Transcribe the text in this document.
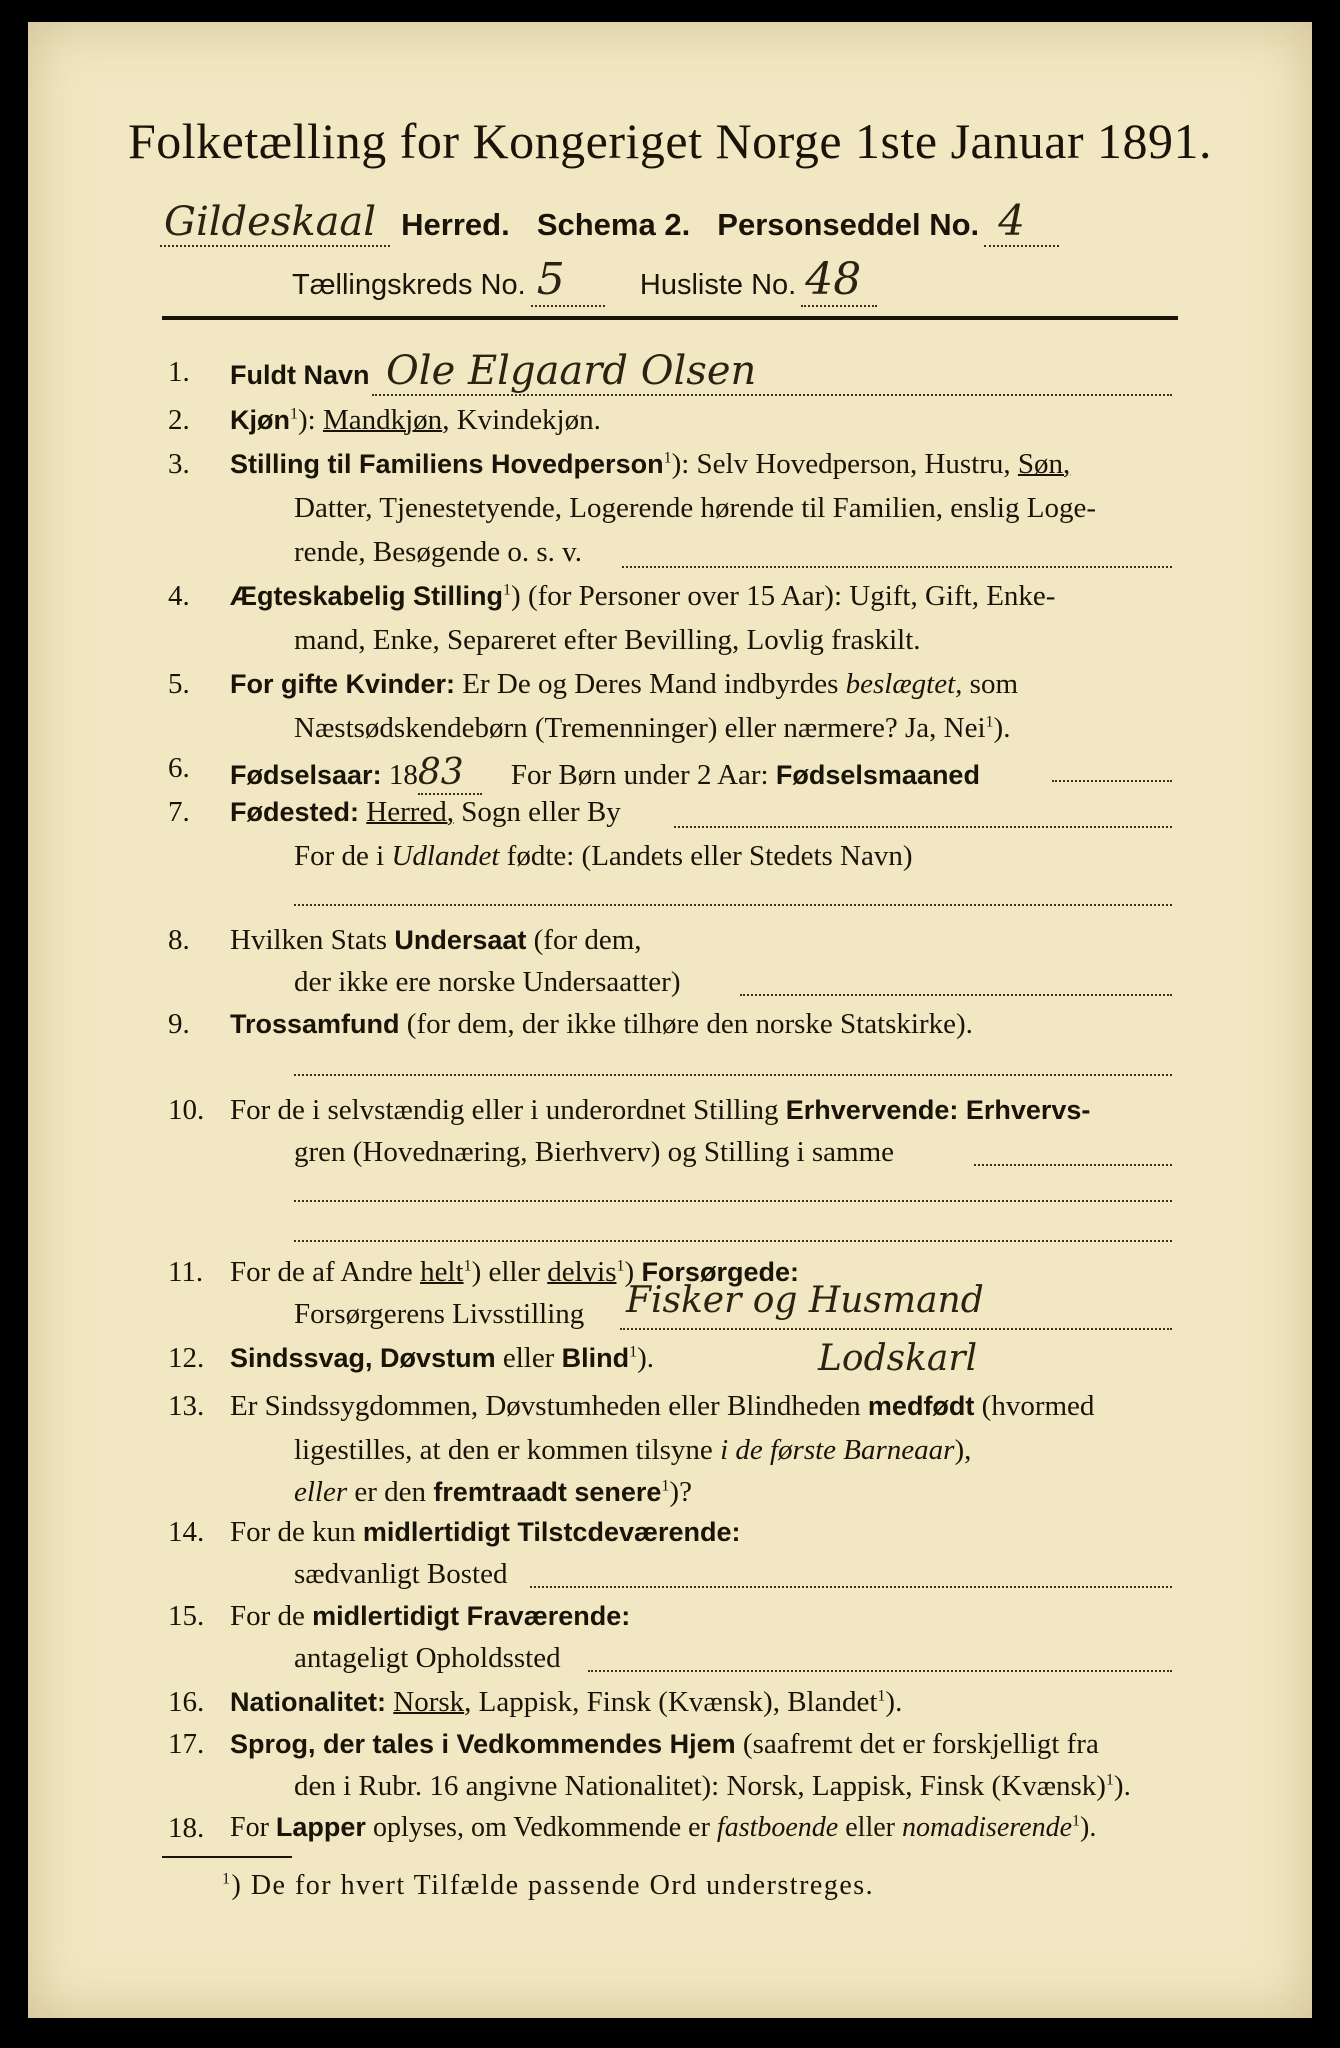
Folketælling for Kongeriget Norge 1ste Januar 1891.
Gildeskaal Herred. Schema 2. Personseddel No. 4
Tællingskreds No. 5	Husliste No. 48
1.	Fuldt Navn Ole Elgaard Olsen
2.	Kjøn$^1$): Mandkjøn, Kvindekjøn.
3.	Stilling til Familiens Hovedperson$^1$): Selv Hovedperson, Hustru, Søn,
Datter, Tjenestetyende, Logerende hørende til Familien, enslig Loge-
rende, Besøgende o. s. v.
4.	Ægteskabelig Stilling$^1$) (for Personer over 15 Aar): Ugift, Gift, Enke-
mand, Enke, Separeret efter Bevilling, Lovlig fraskilt.
5.	For gifte Kvinder: Er De og Deres Mand indbyrdes beslægtet, som
Næstsødskendebørn (Tremenninger) eller nærmere? Ja, Nei$^1$).
6.	Fødselsaar: 1883 For Børn under 2 Aar: Fødselsmaaned
7.	Fødested: Herred, Sogn eller By
For de i Udlandet fødte: (Landets eller Stedets Navn)
8.	Hvilken Stats Undersaat (for dem,
der ikke ere norske Undersaatter)
9.	Trossamfund (for dem, der ikke tilhøre den norske Statskirke).
10. For de i selvstændig eller i underordnet Stilling Erhvervende: Erhvervs-
gren (Hovednæring, Bierhverv) og Stilling i samme
11. For de af Andre helt$^1$) eller delvis$^1$) Forsørgede:
Forsørgerens Livsstilling Fisker og Husmand
Lodskarl
12. Sindssvag, Døvstum eller Blind$^1$).
13. Er Sindssygdommen, Døvstumheden eller Blindheden medfødt (hvormed
ligestilles, at den er kommen tilsyne i de første Barneaar),
eller er den fremtraadt senere$^1$)?
14. For de kun midlertidigt Tilstcdeværende:
sædvanligt Bosted
15. For de midlertidigt Fraværende:
antageligt Opholdssted
16. Nationalitet: Norsk, Lappisk, Finsk (Kvænsk), Blandet$^1$).
17. Sprog, der tales i Vedkommendes Hjem (saafremt det er forskjelligt fra
den i Rubr. 16 angivne Nationalitet): Norsk, Lappisk, Finsk (Kvænsk)$^1$).
18. For Lapper oplyses, om Vedkommende er fastboende eller nomadiserende$^1$).
$^1$) De for hvert Tilfælde passende Ord understreges.
